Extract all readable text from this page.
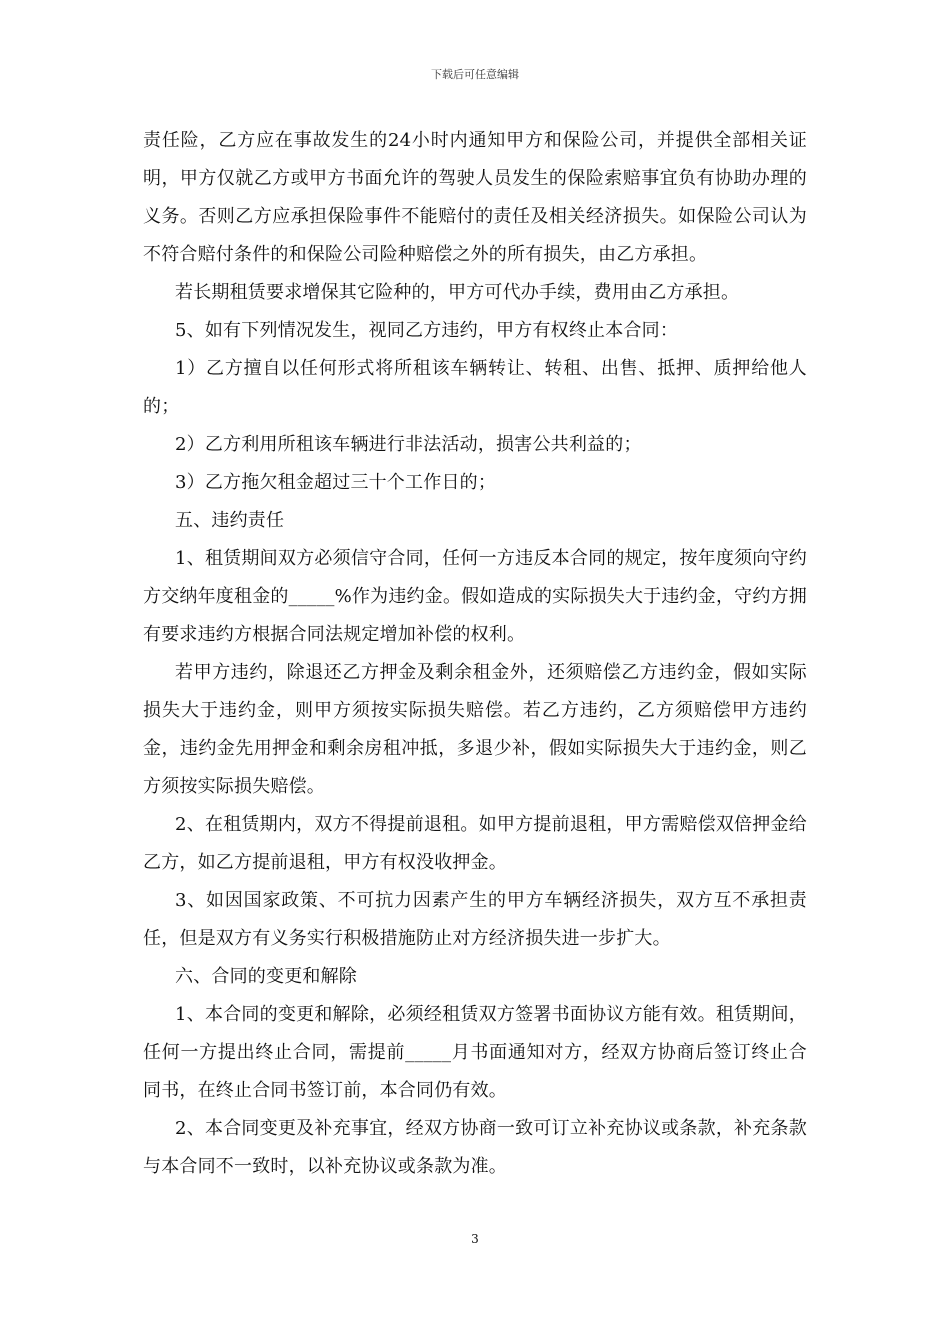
下载后可任意编辑

责任险，乙方应在事故发生的24小时内通知甲方和保险公司，并提供全部相关证明，甲方仅就乙方或甲方书面允许的驾驶人员发生的保险索赔事宜负有协助办理的义务。否则乙方应承担保险事件不能赔付的责任及相关经济损失。如保险公司认为不符合赔付条件的和保险公司险种赔偿之外的所有损失，由乙方承担。

若长期租赁要求增保其它险种的，甲方可代办手续，费用由乙方承担。

5、如有下列情况发生，视同乙方违约，甲方有权终止本合同：

1）乙方擅自以任何形式将所租该车辆转让、转租、出售、抵押、质押给他人的；

2）乙方利用所租该车辆进行非法活动，损害公共利益的；

3）乙方拖欠租金超过三十个工作日的；

五、违约责任

1、租赁期间双方必须信守合同，任何一方违反本合同的规定，按年度须向守约方交纳年度租金的_____%作为违约金。假如造成的实际损失大于违约金，守约方拥有要求违约方根据合同法规定增加补偿的权利。

若甲方违约，除退还乙方押金及剩余租金外，还须赔偿乙方违约金，假如实际损失大于违约金，则甲方须按实际损失赔偿。若乙方违约，乙方须赔偿甲方违约金，违约金先用押金和剩余房租冲抵，多退少补，假如实际损失大于违约金，则乙方须按实际损失赔偿。

2、在租赁期内，双方不得提前退租。如甲方提前退租，甲方需赔偿双倍押金给乙方，如乙方提前退租，甲方有权没收押金。

3、如因国家政策、不可抗力因素产生的甲方车辆经济损失，双方互不承担责任，但是双方有义务实行积极措施防止对方经济损失进一步扩大。

六、合同的变更和解除

1、本合同的变更和解除，必须经租赁双方签署书面协议方能有效。租赁期间，任何一方提出终止合同，需提前_____月书面通知对方，经双方协商后签订终止合同书，在终止合同书签订前，本合同仍有效。

2、本合同变更及补充事宜，经双方协商一致可订立补充协议或条款，补充条款与本合同不一致时，以补充协议或条款为准。

3
